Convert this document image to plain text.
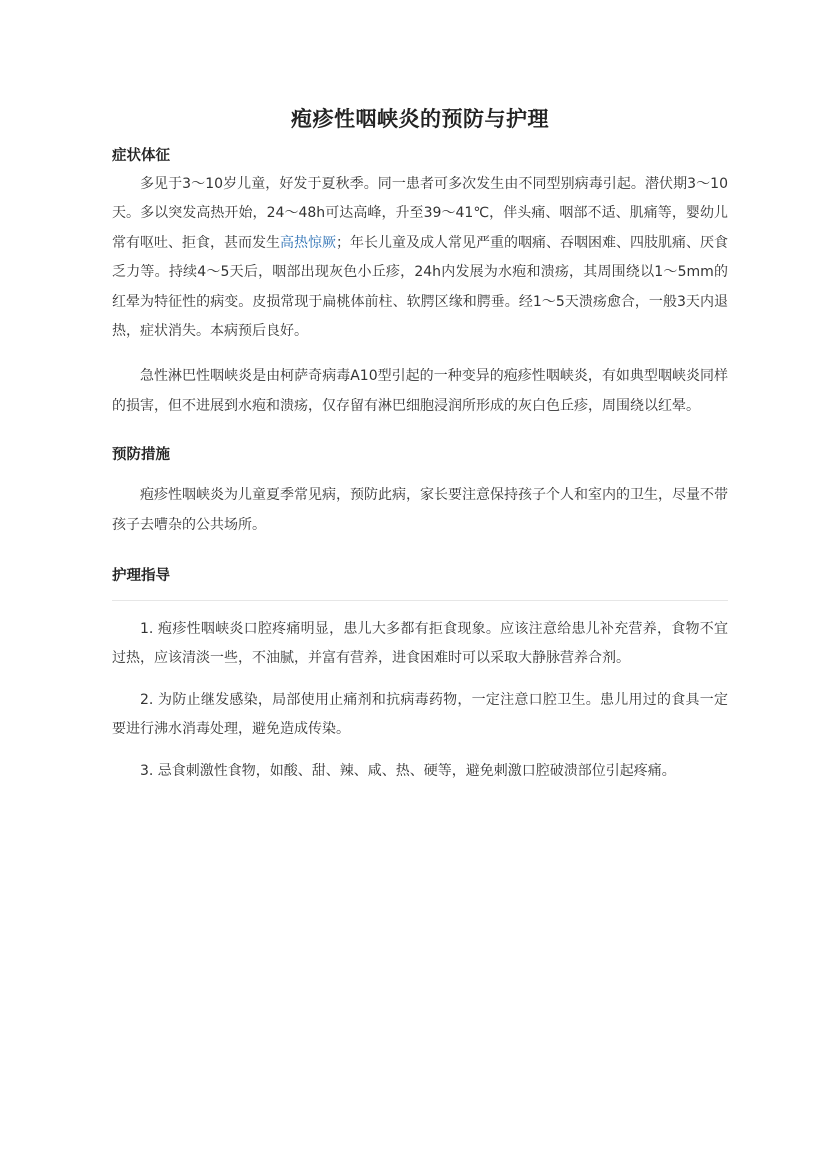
疱疹性咽峡炎的预防与护理
症状体征

多见于3～10岁儿童，好发于夏秋季。同一患者可多次发生由不同型别病毒引起。潜伏期3～10天。多以突发高热开始，24～48h可达高峰，升至39～41℃，伴头痛、咽部不适、肌痛等，婴幼儿常有呕吐、拒食，甚而发生高热惊厥；年长儿童及成人常见严重的咽痛、吞咽困难、四肢肌痛、厌食乏力等。持续4～5天后，咽部出现灰色小丘疹，24h内发展为水疱和溃疡，其周围绕以1～5mm的红晕为特征性的病变。皮损常现于扁桃体前柱、软腭区缘和腭垂。经1～5天溃疡愈合，一般3天内退热，症状消失。本病预后良好。

急性淋巴性咽峡炎是由柯萨奇病毒A10型引起的一种变异的疱疹性咽峡炎，有如典型咽峡炎同样的损害，但不进展到水疱和溃疡，仅存留有淋巴细胞浸润所形成的灰白色丘疹，周围绕以红晕。

预防措施

疱疹性咽峡炎为儿童夏季常见病，预防此病，家长要注意保持孩子个人和室内的卫生，尽量不带孩子去嘈杂的公共场所。

护理指导

1. 疱疹性咽峡炎口腔疼痛明显，患儿大多都有拒食现象。应该注意给患儿补充营养，食物不宜过热，应该清淡一些，不油腻，并富有营养，进食困难时可以采取大静脉营养合剂。

2. 为防止继发感染，局部使用止痛剂和抗病毒药物，一定注意口腔卫生。患儿用过的食具一定要进行沸水消毒处理，避免造成传染。

3. 忌食刺激性食物，如酸、甜、辣、咸、热、硬等，避免刺激口腔破溃部位引起疼痛。
